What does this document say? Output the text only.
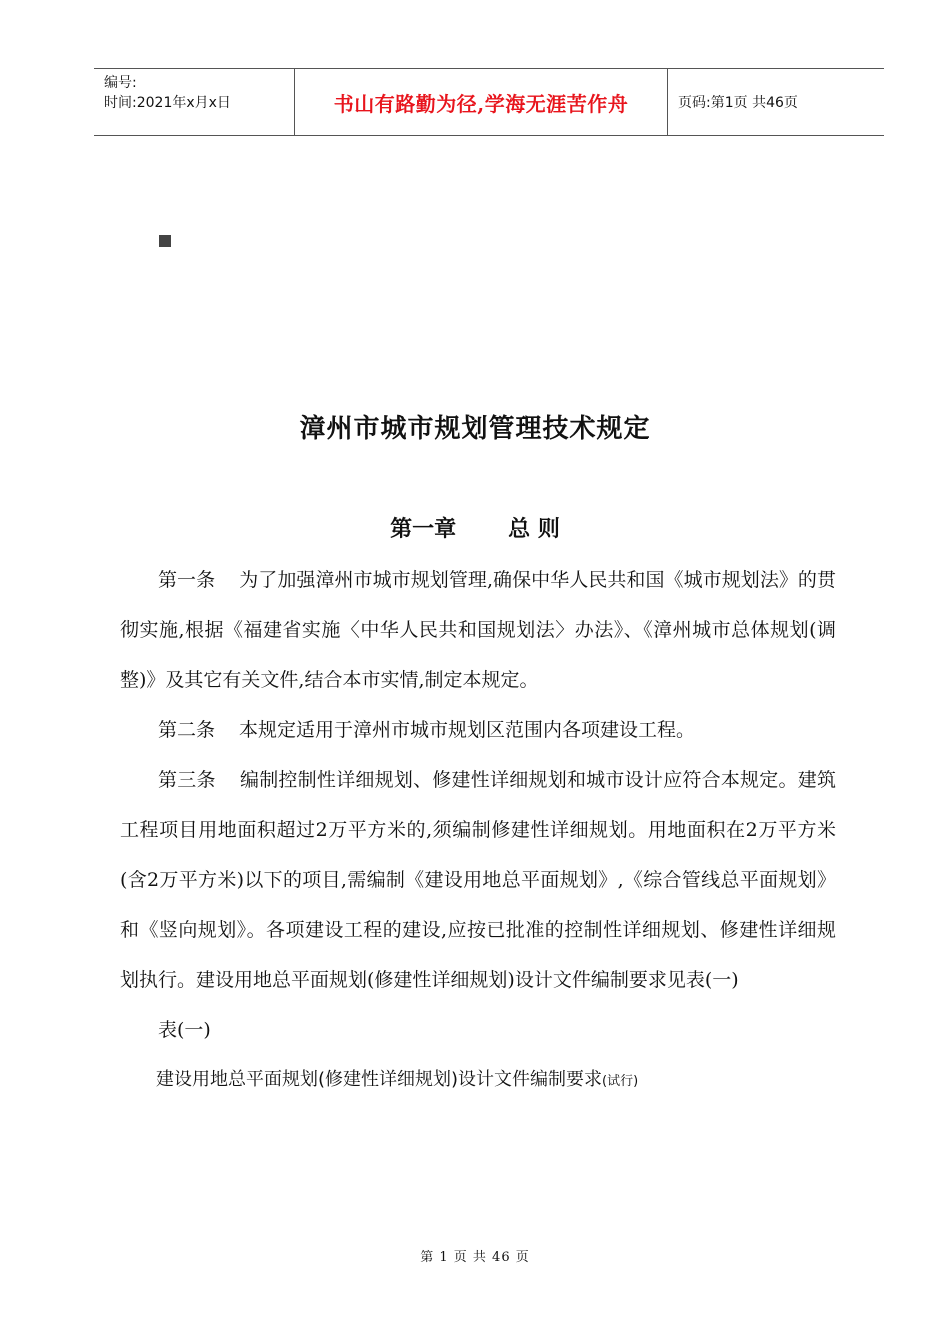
编号:
时间:2021年x月x日	书山有路勤为径,学海无涯苦作舟	页码:第1页 共46页
漳州市城市规划管理技术规定
第一章 总 则

第一条 为了加强漳州市城市规划管理,确保中华人民共和国《城市规划法》的贯彻实施,根据《福建省实施〈中华人民共和国规划法〉办法》、《漳州城市总体规划(调整)》及其它有关文件,结合本市实情,制定本规定。

第二条 本规定适用于漳州市城市规划区范围内各项建设工程。

第三条 编制控制性详细规划、修建性详细规划和城市设计应符合本规定。建筑工程项目用地面积超过2万平方米的,须编制修建性详细规划。用地面积在2万平方米(含2万平方米)以下的项目,需编制《建设用地总平面规划》,《综合管线总平面规划》和《竖向规划》。各项建设工程的建设,应按已批准的控制性详细规划、修建性详细规划执行。建设用地总平面规划(修建性详细规划)设计文件编制要求见表(一)

表(一)

建设用地总平面规划(修建性详细规划)设计文件编制要求(试行)

第 1 页 共 46 页
